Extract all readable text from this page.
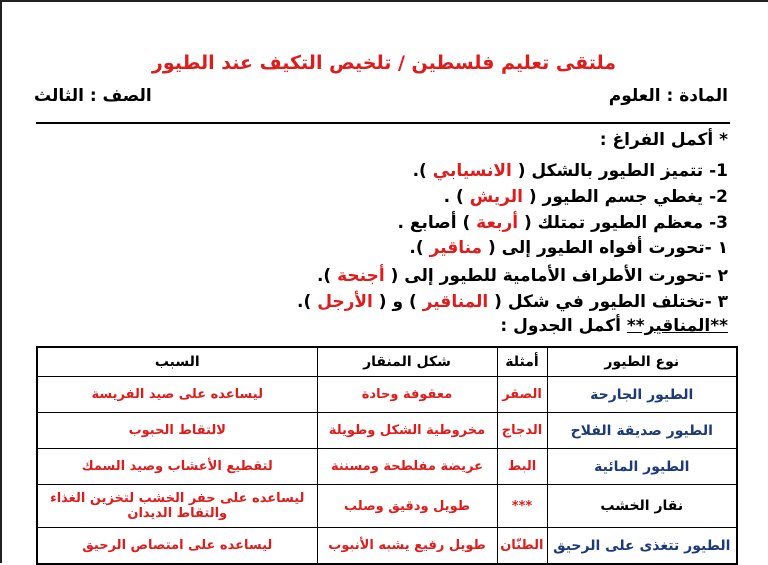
ملتقى تعليم فلسطين / تلخيص التكيف عند الطيور
المادة : العلوم
الصف : الثالث
* أكمل الفراغ :
1- تتميز الطيور بالشكل ( الانسيابي ).
2- يغطي جسم الطيور ( الريش ) .
3- معظم الطيور تمتلك ( أربعة ) أصابع .
١ -تحورت أفواه الطيور إلى ( مناقير ).
٢ -تحورت الأطراف الأمامية للطيور إلى ( أجنحة ).
٣ -تختلف الطيور في شكل ( المناقير ) و ( الأرجل ).
**المناقير** أكمل الجدول :
نوع الطيور	أمثلة	شكل المنقار	السبب
الطيور الجارحة	الصقر	معقوفة وحادة	ليساعده على صيد الفريسة
الطيور صديقة الفلاح	الدجاج	مخروطية الشكل وطويلة	لالتقاط الحبوب
الطيور المائية	البط	عريضة مفلطحة ومسننة	لتقطيع الأعشاب وصيد السمك
نقار الخشب	***	طويل ودقيق وصلب	ليساعده على حفر الخشب لتخزين الغذاء والتقاط الديدان
الطيور تتغذى على الرحيق	الطنّان	طويل رفيع يشبه الأنبوب	ليساعده على امتصاص الرحيق
